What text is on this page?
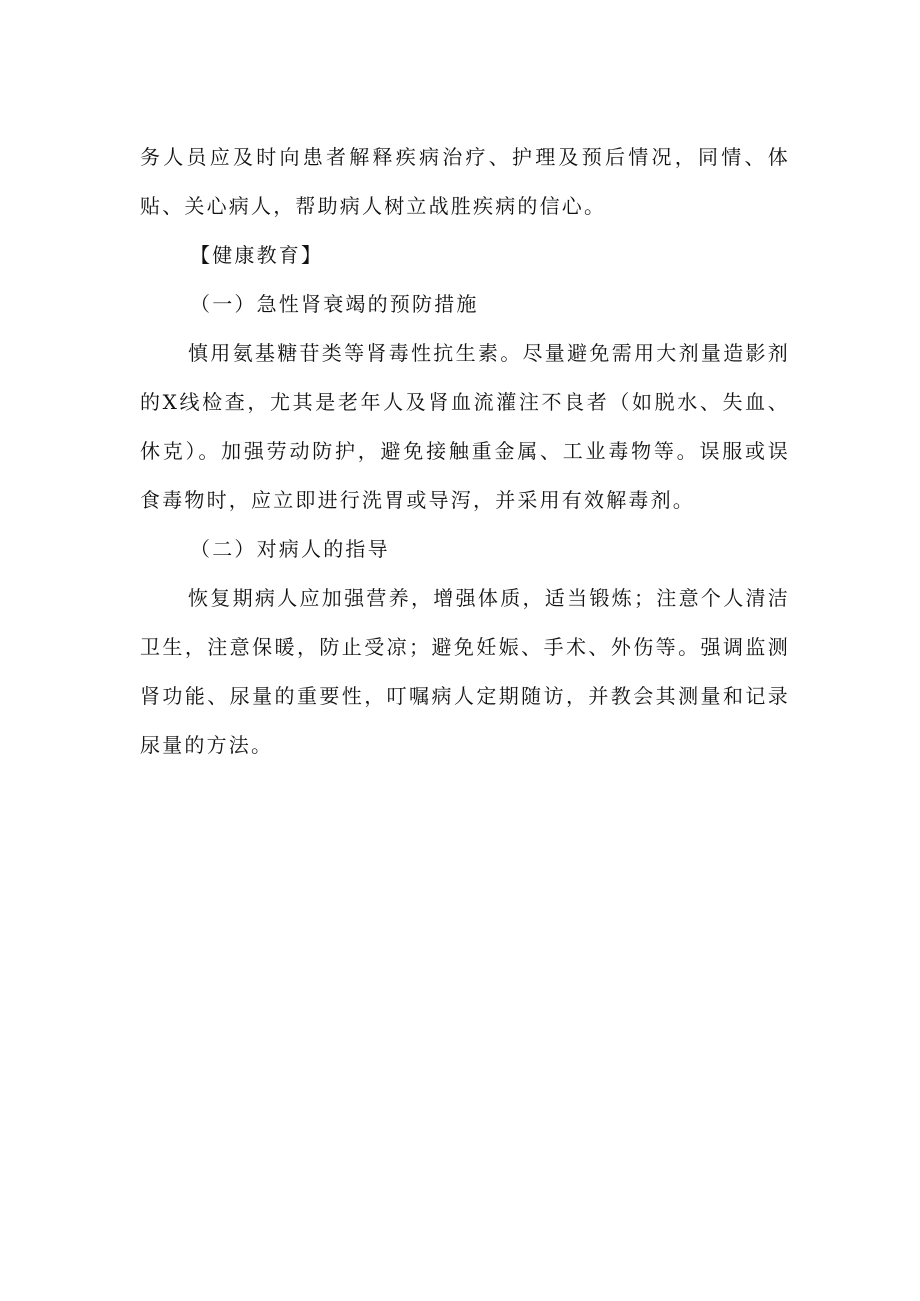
务人员应及时向患者解释疾病治疗、护理及预后情况，同情、体贴、关心病人，帮助病人树立战胜疾病的信心。

【健康教育】

（一）急性肾衰竭的预防措施

慎用氨基糖苷类等肾毒性抗生素。尽量避免需用大剂量造影剂的X线检查，尤其是老年人及肾血流灌注不良者（如脱水、失血、休克）。加强劳动防护，避免接触重金属、工业毒物等。误服或误食毒物时，应立即进行洗胃或导泻，并采用有效解毒剂。

（二）对病人的指导

恢复期病人应加强营养，增强体质，适当锻炼；注意个人清洁卫生，注意保暖，防止受凉；避免妊娠、手术、外伤等。强调监测肾功能、尿量的重要性，叮嘱病人定期随访，并教会其测量和记录尿量的方法。
